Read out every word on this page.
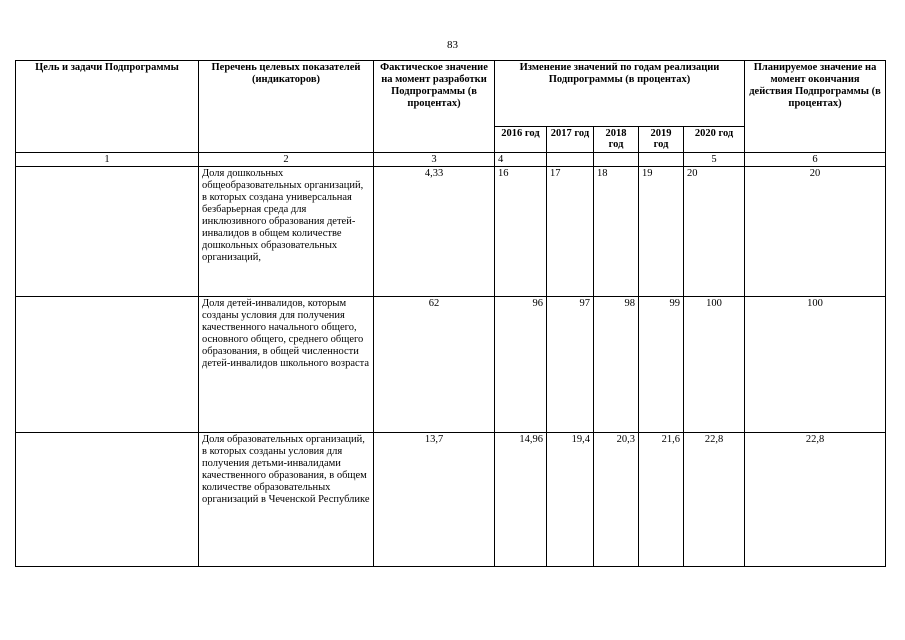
83
Цель и задачи Подпрограммы	Перечень целевых показателей (индикаторов)	Фактическое значение на момент разработки Подпрограммы (в процентах)	Изменение значений по годам реализации Подпрограммы (в процентах)					Планируемое значение на момент окончания действия Подпрограммы (в процентах)
			2016 год	2017 год	2018 год	2019 год	2020 год	
1	2	3	4				5	6
	Доля дошкольных общеобразовательных организаций, в которых создана универсальная безбарьерная среда для инклюзивного образования детей-инвалидов в общем количестве дошкольных образовательных организаций,	4,33	16	17	18	19	20	20
	Доля детей-инвалидов, которым созданы условия для получения качественного начального общего, основного общего, среднего общего образования, в общей численности детей-инвалидов школьного возраста	62	96	97	98	99	100	100
	Доля образовательных организаций, в которых созданы условия для получения детьми-инвалидами качественного образования, в общем количестве образовательных организаций в Чеченской Республике	13,7	14,96	19,4	20,3	21,6	22,8	22,8
